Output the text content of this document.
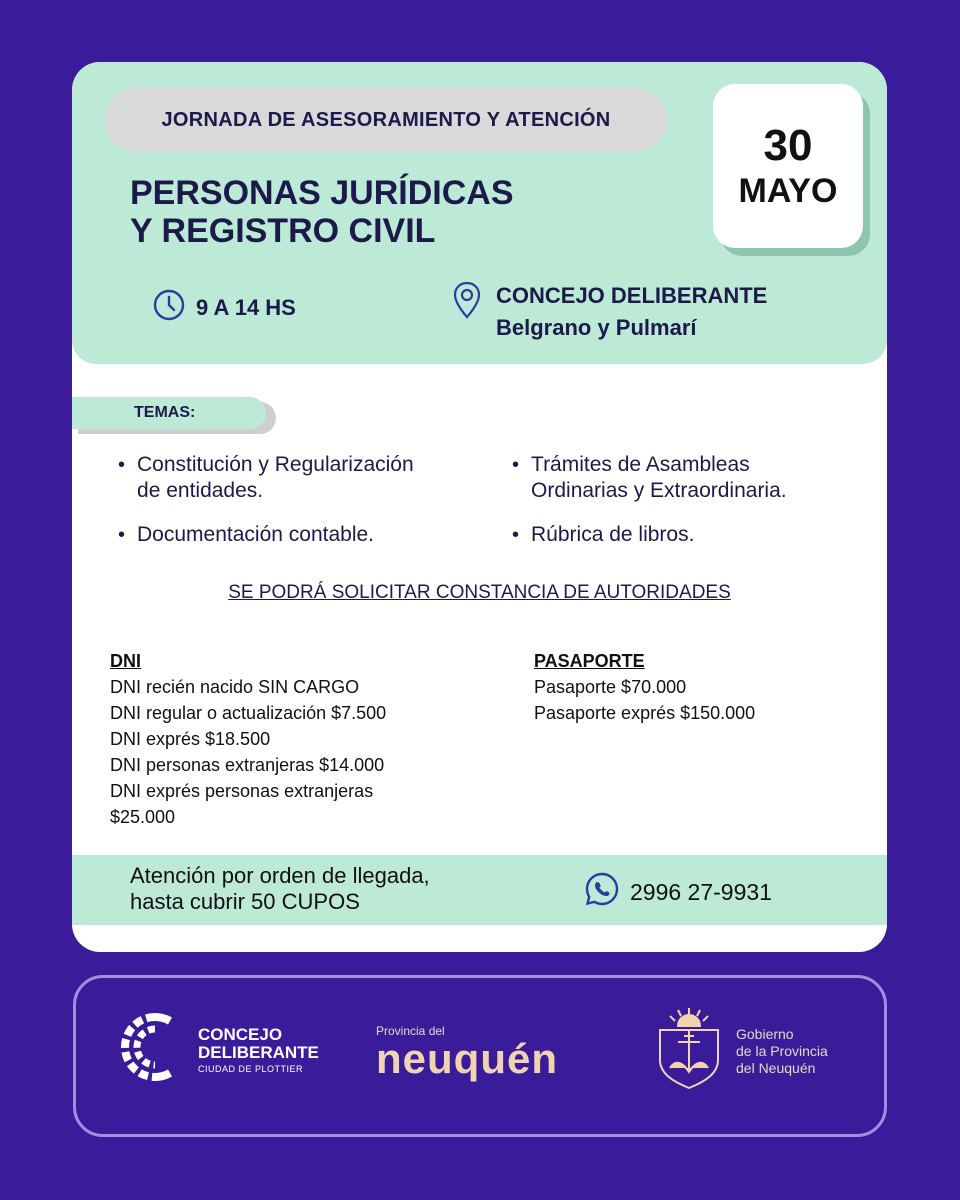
JORNADA DE ASESORAMIENTO Y ATENCIÓN
PERSONAS JURÍDICAS
Y REGISTRO CIVIL
30
MAYO
9 A 14 HS	CONCEJO DELIBERANTE
Belgrano y Pulmarí
TEMAS:
• Constitución y Regularización
de entidades.
• Trámites de Asambleas
Ordinarias y Extraordinaria.
• Documentación contable.	• Rúbrica de libros.
SE PODRÁ SOLICITAR CONSTANCIA DE AUTORIDADES
DNI
DNI recién nacido SIN CARGO
DNI regular o actualización $7.500
DNI exprés $18.500
DNI personas extranjeras $14.000
DNI exprés personas extranjeras
$25.000
PASAPORTE
Pasaporte $70.000
Pasaporte exprés $150.000
Atención por orden de llegada,
hasta cubrir 50 CUPOS	2996 27-9931
CONCEJO
DELIBERANTE
CIUDAD DE PLOTTIER
Provincia del
neuquén
Gobierno
de la Provincia
del Neuquén
